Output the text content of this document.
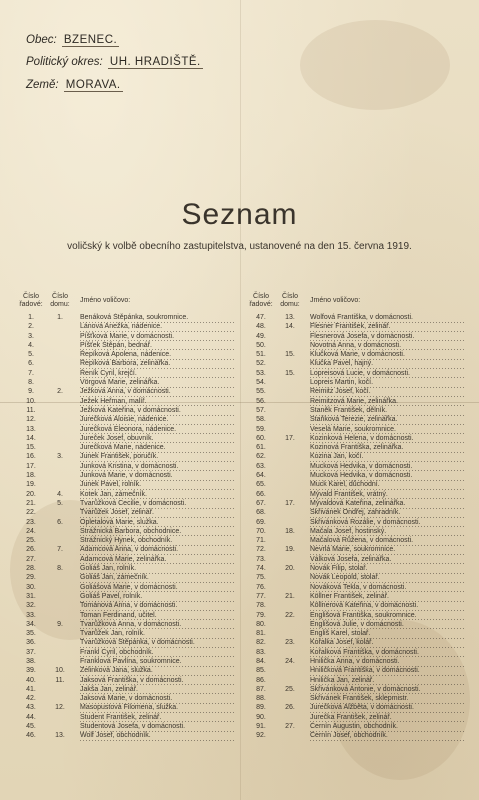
Obec: BZENEC.
Politický okres: UH. HRADIŠTĚ.
Země: MORAVA.
Seznam
voličský k volbě obecního zastupitelstva, ustanovené na den 15. června 1919.
Číslo řadové:
Číslo domu:
Jméno voličovo:
1.	1.	Benáková Štěpánka, soukromnice.
2.	Lánová Anežka, nádenice.
3.	Píšťková Marie, v domácnosti.
4.	Píšťek Štěpán, bednář.
5.	Řepíková Apolena, nádenice.
6.	Řepíková Barbora, zelinářka.
7.	Řeník Cyril, krejčí.
8.	Vörgová Marie, zelinářka.
9.	2.	Ježková Anna, v domácnosti.
10.	Ježek Heřman, malíř.
11.	Ježková Kateřina, v domácnosti.
12.	Jurečková Aloisie, nádenice.
13.	Jurečková Eleonora, nádenice.
14.	Jureček Josef, obuvník.
15.	Jurečková Marie, nádenice.
16.	3.	Junek František, poručík.
17.	Junková Kristina, v domácnosti.
18.	Junková Marie, v domácnosti.
19.	Junek Pavel, rolník.
20.	4.	Kotek Jan, zámečník.
21.	5.	Tvarůžková Cecilie, v domácnosti.
22.	Tvarůžek Josef, zelinář.
23.	6.	Opletalová Marie, služka.
24.	Strážnická Barbora, obchodnice.
25.	Strážnický Hynek, obchodník.
26.	7.	Adamcová Anna, v domácnosti.
27.	Adamcová Marie, zelinářka.
28.	8.	Goliáš Jan, rolník.
29.	Goliáš Jan, zámečník.
30.	Goliášová Marie, v domácnosti.
31.	Goliáš Pavel, rolník.
32.	Tománová Anna, v domácnosti.
33.	Toman Ferdinand, učitel.
34.	9.	Tvarůžková Anna, v domácnosti.
35.	Tvarůžek Jan, rolník.
36.	Tvarůžková Štěpánka, v domácnosti.
37.	Frankl Cyril, obchodník.
38.	Franklová Pavlína, soukromnice.
39.	10.	Zelinková Jana, služka.
40.	11.	Jaksová Františka, v domácnosti.
41.	Jakša Jan, zelinář.
42.	Jaksová Marie, v domácnosti.
43.	12.	Masopustová Filomena, služka.
44.	Student František, zelinář.
45.	Studentová Josefa, v domácnosti.
46.	13.	Wolf Josef, obchodník.
Číslo řadové:
Číslo domu:
Jméno voličovo:
47.	13.	Wolfová Františka, v domácnosti.
48.	14.	Flesner František, zelinář.
49.	Flesnerová Josefa, v domácnosti.
50.	Novotná Anna, v domácnosti.
51.	15.	Klučková Marie, v domácnosti.
52.	Klučka Pavel, hajný.
53.	15.	Lopreisová Lucie, v domácnosti.
54.	Lopreis Martin, kočí.
55.	Reimitz Josef, kočí.
56.	Reimitzová Marie, zelinářka.
57.	Staněk František, dělník.
58.	Staňková Terezie, zelinářka.
59.	Veselá Marie, soukromnice.
60.	17.	Kozinková Helena, v domácnosti.
61.	Kozinová Františka, zelinářka.
62.	Kozina Jan, kočí.
63.	Mucková Hedvika, v domácnosti.
64.	Mucková Hedvika, v domácnosti.
65.	Muck Karel, důchodní.
66.	Mývald František, vrátný.
67.	17.	Mývaldová Kateřina, zelinářka.
68.	Skřivánek Ondřej, zahradník.
69.	Skřivánková Rozálie, v domácnosti.
70.	18.	Mačala Josef, hostinský.
71.	Mačalová Růžena, v domácnosti.
72.	19.	Nevrlá Marie, soukromnice.
73.	Válková Josefa, zelinářka.
74.	20.	Novák Filip, stolař.
75.	Novák Leopold, stolař.
76.	Nováková Tekla, v domácnosti.
77.	21.	Köllner František, zelinář.
78.	Köllnerová Kateřina, v domácnosti.
79.	22.	Englišová Františka, soukromnice.
80.	Englišová Julie, v domácnosti.
81.	Engliš Karel, stolař.
82.	23.	Kořalka Josef, kolář.
83.	Kořalková Františka, v domácnosti.
84.	24.	Hnilička Anna, v domácnosti.
85.	Hniličková Františka, v domácnosti.
86.	Hnilička Jan, zelinář.
87.	25.	Skřivánková Antonie, v domácnosti.
88.	Skřivánek František, sklepmistr.
89.	26.	Jurečková Alžběta, v domácnosti.
90.	Jurečka František, zelinář.
91.	27.	Černín Augustin, obchodník.
92.	Černín Josef, obchodník.
